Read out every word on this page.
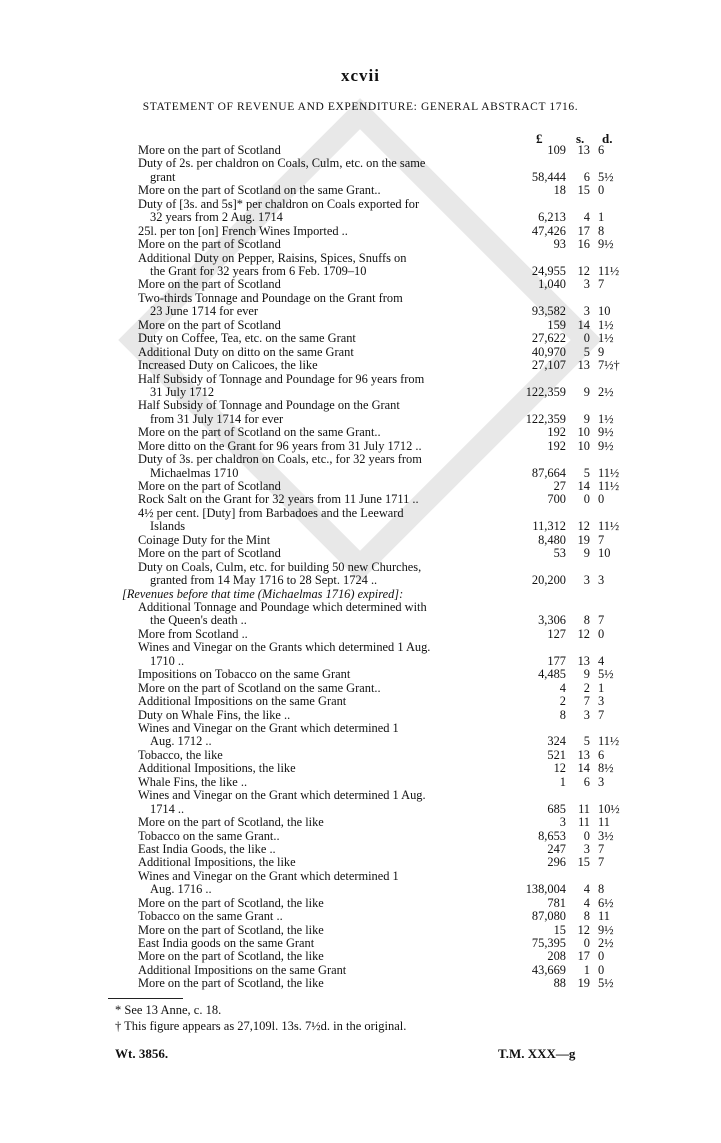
xcvii
STATEMENT OF REVENUE AND EXPENDITURE: GENERAL ABSTRACT 1716.
£	s. d.
More on the part of Scotland	109 13 6
Duty of 2s. per chaldron on Coals, Culm, etc. on the same
grant	58,444	6 5½
More on the part of Scotland on the same Grant..	18 15 0
Duty of [3s. and 5s]* per chaldron on Coals exported for
32 years from 2 Aug. 1714	6,213	4 1
25l. per ton [on] French Wines Imported ..	47,426 17 8
More on the part of Scotland	93 16 9½
Additional Duty on Pepper, Raisins, Spices, Snuffs on
the Grant for 32 years from 6 Feb. 1709–10	24,955 12 11½
More on the part of Scotland	1,040	3 7
Two-thirds Tonnage and Poundage on the Grant from
23 June 1714 for ever	93,582	3 10
More on the part of Scotland	159 14 1½
Duty on Coffee, Tea, etc. on the same Grant	27,622	0 1½
Additional Duty on ditto on the same Grant	40,970	5 9
Increased Duty on Calicoes, the like	27,107 13 7½†
Half Subsidy of Tonnage and Poundage for 96 years from
31 July 1712	122,359	9 2½
Half Subsidy of Tonnage and Poundage on the Grant
from 31 July 1714 for ever	122,359	9 1½
More on the part of Scotland on the same Grant..	192 10 9½
More ditto on the Grant for 96 years from 31 July 1712 ..	192 10 9½
Duty of 3s. per chaldron on Coals, etc., for 32 years from
Michaelmas 1710	87,664	5 11½
More on the part of Scotland	27 14 11½
Rock Salt on the Grant for 32 years from 11 June 1711 ..	700	0 0
4½ per cent. [Duty] from Barbadoes and the Leeward
Islands	11,312 12 11½
Coinage Duty for the Mint	8,480 19 7
More on the part of Scotland	53	9 10
Duty on Coals, Culm, etc. for building 50 new Churches,
granted from 14 May 1716 to 28 Sept. 1724 ..	20,200	3 3
[Revenues before that time (Michaelmas 1716) expired]:
Additional Tonnage and Poundage which determined with
the Queen's death ..	3,306	8 7
More from Scotland ..	127 12 0
Wines and Vinegar on the Grants which determined 1 Aug.
1710 ..	177 13 4
Impositions on Tobacco on the same Grant	4,485	9 5½
More on the part of Scotland on the same Grant..	4	2 1
Additional Impositions on the same Grant	2	7 3
Duty on Whale Fins, the like ..	8	3 7
Wines and Vinegar on the Grant which determined 1
Aug. 1712 ..	324	5 11½
Tobacco, the like	521 13 6
Additional Impositions, the like	12 14 8½
Whale Fins, the like ..	1	6 3
Wines and Vinegar on the Grant which determined 1 Aug.
1714 ..	685 11 10½
More on the part of Scotland, the like	3 11 11
Tobacco on the same Grant..	8,653	0 3½
East India Goods, the like ..	247	3 7
Additional Impositions, the like	296 15 7
Wines and Vinegar on the Grant which determined 1
Aug. 1716 ..	138,004	4 8
More on the part of Scotland, the like	781	4 6½
Tobacco on the same Grant ..	87,080	8 11
More on the part of Scotland, the like	15 12 9½
East India goods on the same Grant	75,395	0 2½
More on the part of Scotland, the like	208 17 0
Additional Impositions on the same Grant	43,669	1 0
More on the part of Scotland, the like	88 19 5½
* See 13 Anne, c. 18.
† This figure appears as 27,109l. 13s. 7½d. in the original.
Wt. 3856.	T.M. XXX—g
